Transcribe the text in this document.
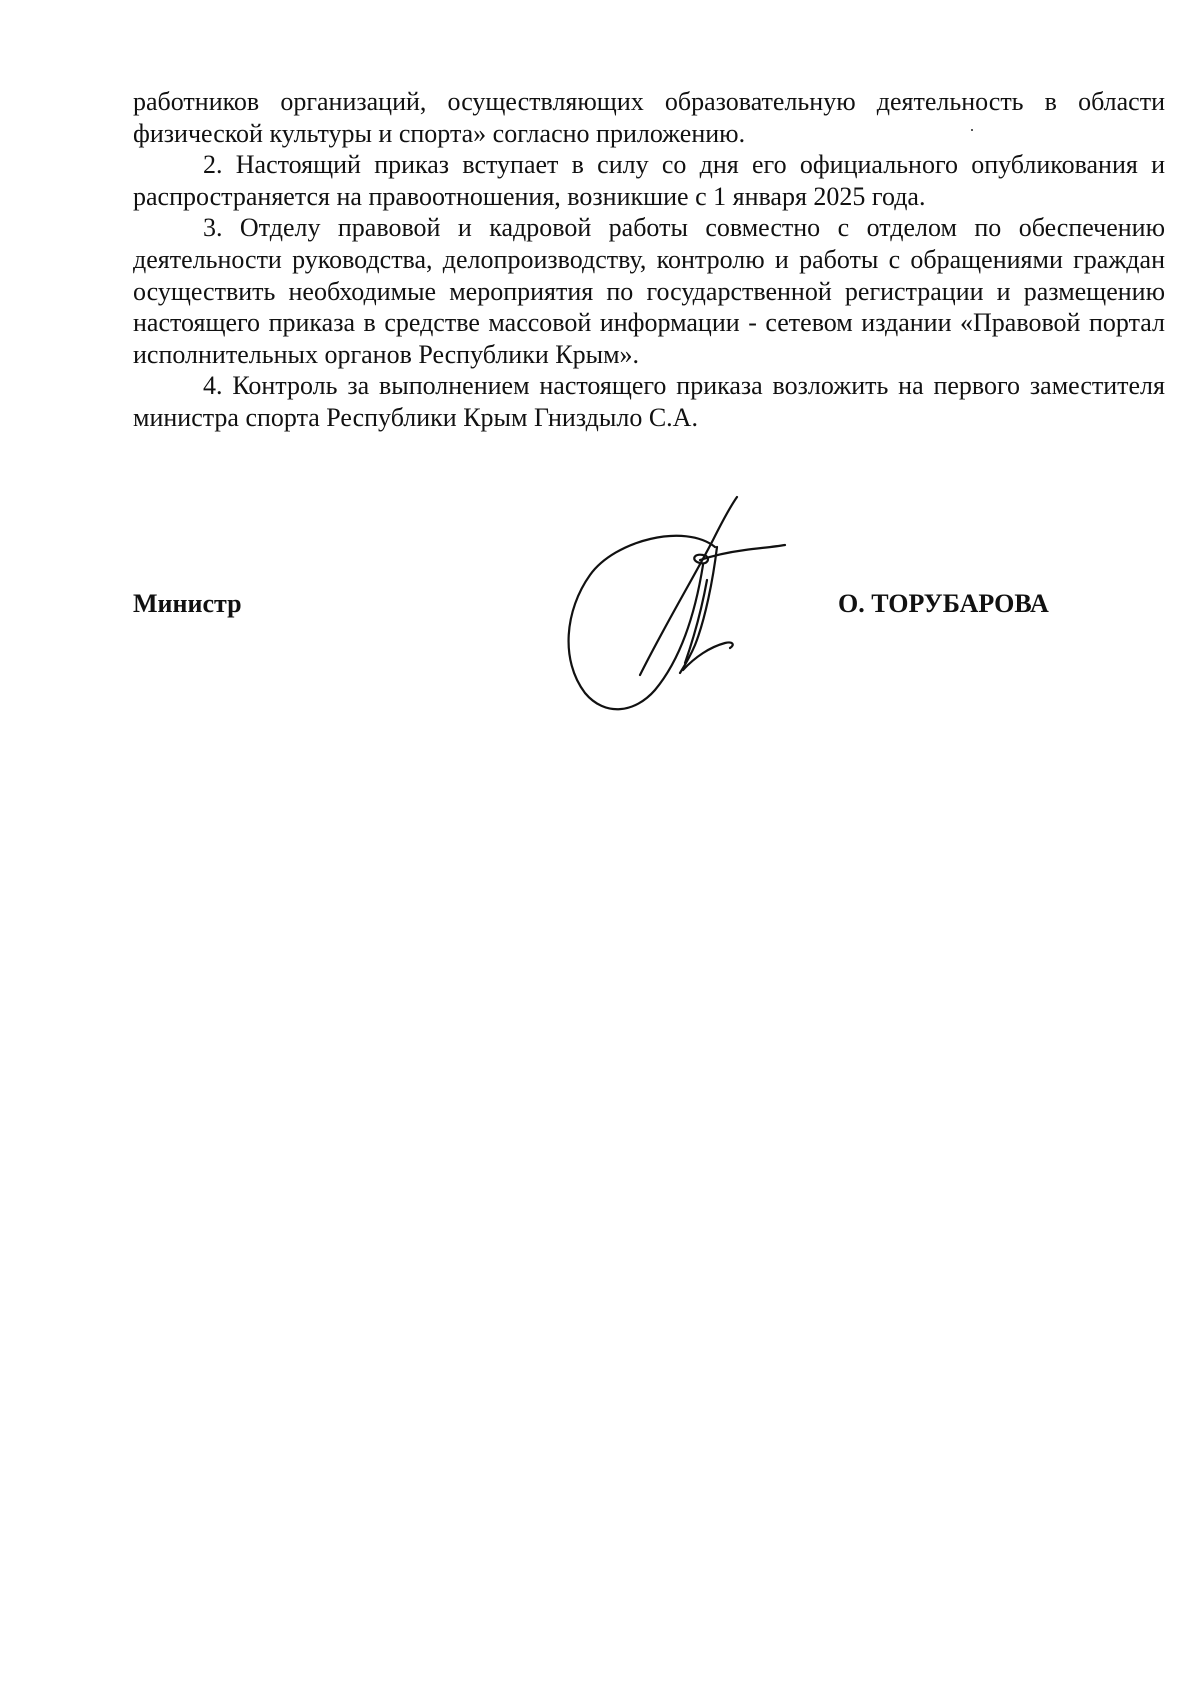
работников организаций, осуществляющих образовательную деятельность в области физической культуры и спорта» согласно приложению.

2. Настоящий приказ вступает в силу со дня его официального опубликования и распространяется на правоотношения, возникшие с 1 января 2025 года.

3. Отделу правовой и кадровой работы совместно с отделом по обеспечению деятельности руководства, делопроизводству, контролю и работы с обращениями граждан осуществить необходимые мероприятия по государственной регистрации и размещению настоящего приказа в средстве массовой информации - сетевом издании «Правовой портал исполнительных органов Республики Крым».

4. Контроль за выполнением настоящего приказа возложить на первого заместителя министра спорта Республики Крым Гниздыло С.А.

Министр	О. ТОРУБАРОВА
